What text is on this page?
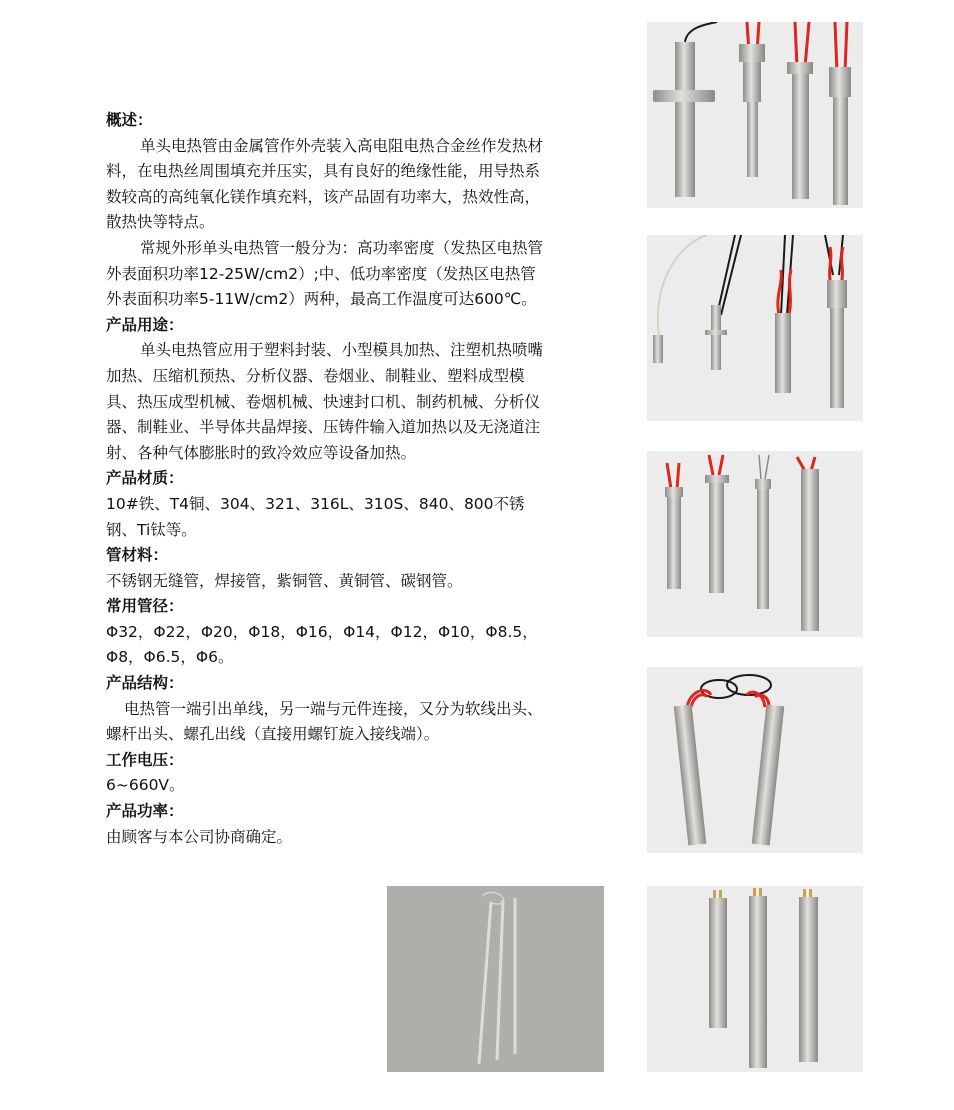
概述：

单头电热管由金属管作外壳装入高电阻电热合金丝作发热材料，在电热丝周围填充并压实，具有良好的绝缘性能，用导热系数较高的高纯氧化镁作填充料，该产品固有功率大，热效性高，散热快等特点。

常规外形单头电热管一般分为：高功率密度（发热区电热管外表面积功率12-25W/cm2）;中、低功率密度（发热区电热管外表面积功率5-11W/cm2）两种，最高工作温度可达600℃。

产品用途：

单头电热管应用于塑料封装、小型模具加热、注塑机热喷嘴加热、压缩机预热、分析仪器、卷烟业、制鞋业、塑料成型模具、热压成型机械、卷烟机械、快速封口机、制药机械、分析仪器、制鞋业、半导体共晶焊接、压铸件输入道加热以及无浇道注射、各种气体膨胀时的致冷效应等设备加热。

产品材质：

10#铁、T4铜、304、321、316L、310S、840、800不锈钢、Ti钛等。

管材料：

不锈钢无缝管，焊接管，紫铜管、黄铜管、碳钢管。

常用管径：

Φ32，Φ22，Φ20，Φ18，Φ16，Φ14，Φ12，Φ10，Φ8.5，Φ8，Φ6.5，Φ6。

产品结构：

电热管一端引出单线，另一端与元件连接，又分为软线出头、螺杆出头、螺孔出线（直接用螺钉旋入接线端）。

工作电压：

6~660V。

产品功率：

由顾客与本公司协商确定。
